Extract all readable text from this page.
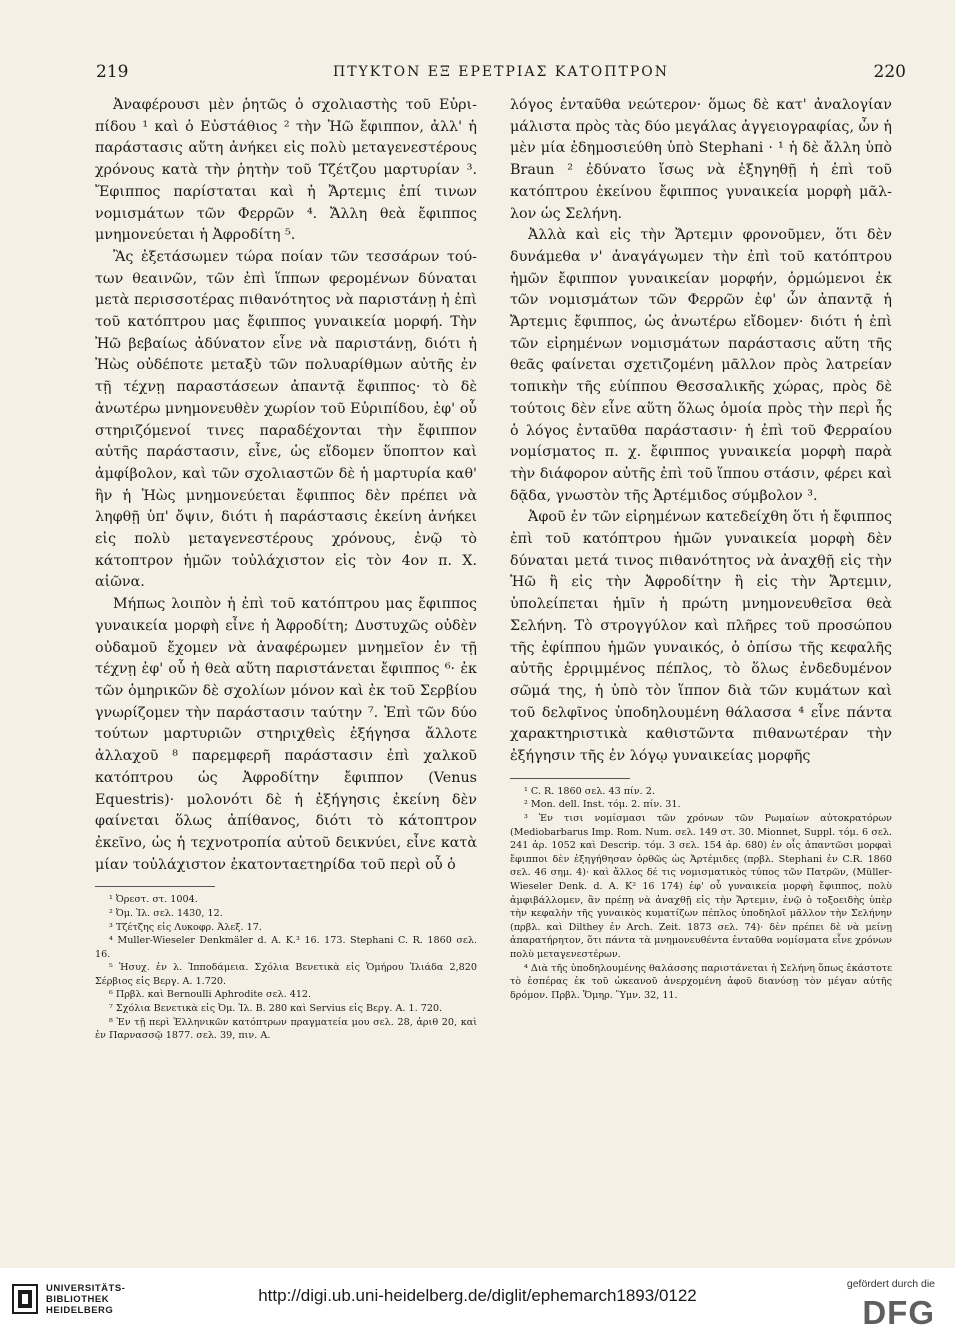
219	ΠΤΥΚΤΟΝ ΕΞ ΕΡΕΤΡΙΑΣ ΚΑΤΟΠΤΡΟΝ	220

Ἀναφέρουσι μὲν ῥητῶς ὁ σχολιαστὴς τοῦ Εὐριπίδου ¹ καὶ ὁ Εὐστάθιος ² τὴν Ἠῶ ἔφιππον, ἀλλ' ἡ παράστασις αὕτη ἀνήκει εἰς πολὺ μεταγενεστέρους χρόνους κατὰ τὴν ῥητὴν τοῦ Τζέτζου μαρτυρίαν ³. Ἔφιππος παρίσταται καὶ ἡ Ἄρτεμις ἐπί τινων νομισμάτων τῶν Φερρῶν ⁴. Ἄλλη θεὰ ἔφιππος μνημονεύεται ἡ Ἀφροδίτη ⁵.

Ἂς ἐξετάσωμεν τώρα ποίαν τῶν τεσσάρων τούτων θεαινῶν, τῶν ἐπὶ ἵππων φερομένων δύναται μετὰ περισσοτέρας πιθανότητος νὰ παριστάνῃ ἡ ἐπὶ τοῦ κατόπτρου μας ἔφιππος γυναικεία μορφή. Τὴν Ἠῶ βεβαίως ἀδύνατον εἶνε νὰ παριστάνῃ, διότι ἡ Ἠὼς οὐδέποτε μεταξὺ τῶν πολυαρίθμων αὐτῆς ἐν τῇ τέχνῃ παραστάσεων ἀπαντᾷ ἔφιππος· τὸ δὲ ἀνωτέρω μνημονευθὲν χωρίον τοῦ Εὐριπίδου, ἐφ' οὗ στηριζόμενοί τινες παραδέχονται τὴν ἔφιππον αὐτῆς παράστασιν, εἶνε, ὡς εἴδομεν ὕποπτον καὶ ἀμφίβολον, καὶ τῶν σχολιαστῶν δὲ ἡ μαρτυρία καθ' ἣν ἡ Ἠὼς μνημονεύεται ἔφιππος δὲν πρέπει νὰ ληφθῇ ὑπ' ὄψιν, διότι ἡ παράστασις ἐκείνη ἀνήκει εἰς πολὺ μεταγενεστέρους χρόνους, ἐνῷ τὸ κάτοπτρον ἡμῶν τοὐλάχιστον εἰς τὸν 4ον π. Χ. αἰῶνα.

Μήπως λοιπὸν ἡ ἐπὶ τοῦ κατόπτρου μας ἔφιππος γυναικεία μορφὴ εἶνε ἡ Ἀφροδίτη; Δυστυχῶς οὐδὲν οὐδαμοῦ ἔχομεν νὰ ἀναφέρωμεν μνημεῖον ἐν τῇ τέχνῃ ἐφ' οὗ ἡ θεὰ αὕτη παριστάνεται ἔφιππος ⁶· ἐκ τῶν ὁμηρικῶν δὲ σχολίων μόνον καὶ ἐκ τοῦ Σερβίου γνωρίζομεν τὴν παράστασιν ταύτην ⁷. Ἐπὶ τῶν δύο τούτων μαρτυριῶν στηριχθεὶς ἐξήγησα ἄλλοτε ἀλλαχοῦ ⁸ παρεμφερῆ παράστασιν ἐπὶ χαλκοῦ κατόπτρου ὡς Ἀφροδίτην ἔφιππον (Venus Equestris)· μολονότι δὲ ἡ ἐξήγησις ἐκείνη δὲν φαίνεται ὅλως ἀπίθανος, διότι τὸ κάτοπτρον ἐκεῖνο, ὡς ἡ τεχνοτροπία αὐτοῦ δεικνύει, εἶνε κατὰ μίαν τοὐλάχιστον ἑκατονταετηρίδα τοῦ περὶ οὗ ὁ

¹ Ὀρεστ. στ. 1004.

² Ὀμ. Ἰλ. σελ. 1430, 12.

³ Τζέτζης εἰς Λυκοφρ. Ἀλεξ. 17.

⁴ Muller-Wieseler Denkmäler d. A. K.³ 16. 173. Stephani C. R. 1860 σελ. 16.

⁵ Ἡσυχ. ἐν λ. Ἱπποδάμεια. Σχόλια Βενετικὰ εἰς Ὁμήρου Ἰλιάδα 2,820 Σέρβιος εἰς Βεργ. A. 1.720.

⁶ Πρβλ. καὶ Bernoulli Aphrodite σελ. 412.

⁷ Σχόλια Βενετικὰ εἰς Ὀμ. Ἰλ. B. 280 καὶ Servius εἰς Βεργ. A. 1. 720.

⁸ Ἐν τῇ περὶ Ἑλληνικῶν κατόπτρων πραγματεία μου σελ. 28, ἀριθ 20, καὶ ἐν Παρνασσῷ 1877. σελ. 39, πιν. A.

λόγος ἐνταῦθα νεώτερον· ὅμως δὲ κατ' ἀναλογίαν μάλιστα πρὸς τὰς δύο μεγάλας ἀγγειογραφίας, ὧν ἡ μὲν μία ἐδημοσιεύθη ὑπὸ Stephani · ¹ ἡ δὲ ἄλλη ὑπὸ Braun ² ἐδύνατο ἴσως νὰ ἐξηγηθῇ ἡ ἐπὶ τοῦ κατόπτρου ἐκείνου ἔφιππος γυναικεία μορφὴ μᾶλλον ὡς Σελήνη.

Ἀλλὰ καὶ εἰς τὴν Ἄρτεμιν φρονοῦμεν, ὅτι δὲν δυνάμεθα ν' ἀναγάγωμεν τὴν ἐπὶ τοῦ κατόπτρου ἡμῶν ἔφιππον γυναικείαν μορφήν, ὁρμώμενοι ἐκ τῶν νομισμάτων τῶν Φερρῶν ἐφ' ὧν ἀπαντᾷ ἡ Ἄρτεμις ἔφιππος, ὡς ἀνωτέρω εἴδομεν· διότι ἡ ἐπὶ τῶν εἰρημένων νομισμάτων παράστασις αὕτη τῆς θεᾶς φαίνεται σχετιζομένη μᾶλλον πρὸς λατρείαν τοπικὴν τῆς εὐίππου Θεσσαλικῆς χώρας, πρὸς δὲ τούτοις δὲν εἶνε αὕτη ὅλως ὁμοία πρὸς τὴν περὶ ἧς ὁ λόγος ἐνταῦθα παράστασιν· ἡ ἐπὶ τοῦ Φερραίου νομίσματος π. χ. ἔφιππος γυναικεία μορφὴ παρὰ τὴν διάφορον αὐτῆς ἐπὶ τοῦ ἵππου στάσιν, φέρει καὶ δᾷδα, γνωστὸν τῆς Ἀρτέμιδος σύμβολον ³.

Ἀφοῦ ἐν τῶν εἰρημένων κατεδείχθη ὅτι ἡ ἔφιππος ἐπὶ τοῦ κατόπτρου ἡμῶν γυναικεία μορφὴ δὲν δύναται μετά τινος πιθανότητος νὰ ἀναχθῇ εἰς τὴν Ἠῶ ἢ εἰς τὴν Ἀφροδίτην ἢ εἰς τὴν Ἄρτεμιν, ὑπολείπεται ἡμῖν ἡ πρώτη μνημονευθεῖσα θεὰ Σελήνη. Τὸ στρογγύλον καὶ πλῆρες τοῦ προσώπου τῆς ἐφίππου ἡμῶν γυναικός, ὁ ὀπίσω τῆς κεφαλῆς αὐτῆς ἐρριμμένος πέπλος, τὸ ὅλως ἐνδεδυμένον σῶμά της, ἡ ὑπὸ τὸν ἵππον διὰ τῶν κυμάτων καὶ τοῦ δελφῖνος ὑποδηλουμένη θάλασσα ⁴ εἶνε πάντα χαρακτηριστικὰ καθιστῶντα πιθανωτέραν τὴν ἐξήγησιν τῆς ἐν λόγῳ γυναικείας μορφῆς

¹ C. R. 1860 σελ. 43 πίν. 2.

² Mon. dell. Inst. τόμ. 2. πίν. 31.

³ Ἐν τισι νομίσμασι τῶν χρόνων τῶν Ρωμαίων αὐτοκρατόρων (Mediobarbarus Imp. Rom. Num. σελ. 149 στ. 30. Mionnet, Suppl. τόμ. 6 σελ. 241 ἀρ. 1052 καὶ Descrip. τόμ. 3 σελ. 154 ἀρ. 680) ἐν οἷς ἀπαντῶσι μορφαὶ ἔφιπποι δὲν ἐξηγήθησαν ὀρθῶς ὡς Ἀρτέμιδες (πρβλ. Stephani ἐν C.R. 1860 σελ. 46 σημ. 4)· καὶ ἄλλος δέ τις νομισματικὸς τύπος τῶν Πατρῶν, (Müller-Wieseler Denk. d. A. K² 16 174) ἐφ' οὗ γυναικεία μορφὴ ἔφιππος, πολὺ ἀμφιβάλλομεν, ἂν πρέπῃ νὰ ἀναχθῇ εἰς τὴν Ἄρτεμιν, ἐνῷ ὁ τοξοειδὴς ὑπὲρ τὴν κεφαλὴν τῆς γυναικὸς κυματίζων πέπλος ὑποδηλοῖ μᾶλλον τὴν Σελήνην (πρβλ. καὶ Dilthey ἐν Arch. Zeit. 1873 σελ. 74)· δὲν πρέπει δὲ νὰ μείνῃ ἀπαρατήρητον, ὅτι πάντα τὰ μνημονευθέντα ἐνταῦθα νομίσματα εἶνε χρόνων πολὺ μεταγενεστέρων.

⁴ Διὰ τῆς ὑποδηλουμένης θαλάσσης παριστάνεται ἡ Σελήνη ὅπως ἑκάστοτε τὸ ἑσπέρας ἐκ τοῦ ὠκεανοῦ ἀνερχομένη ἀφοῦ διανύσῃ τὸν μέγαν αὐτῆς δρόμον. Πρβλ. Ὅμηρ. Ὕμν. 32, 11.

UNIVERSITÄTS-
BIBLIOTHEK
HEIDELBERG
http://digi.ub.uni-heidelberg.de/diglit/ephemarch1893/0122
gefördert durch die
DFG
